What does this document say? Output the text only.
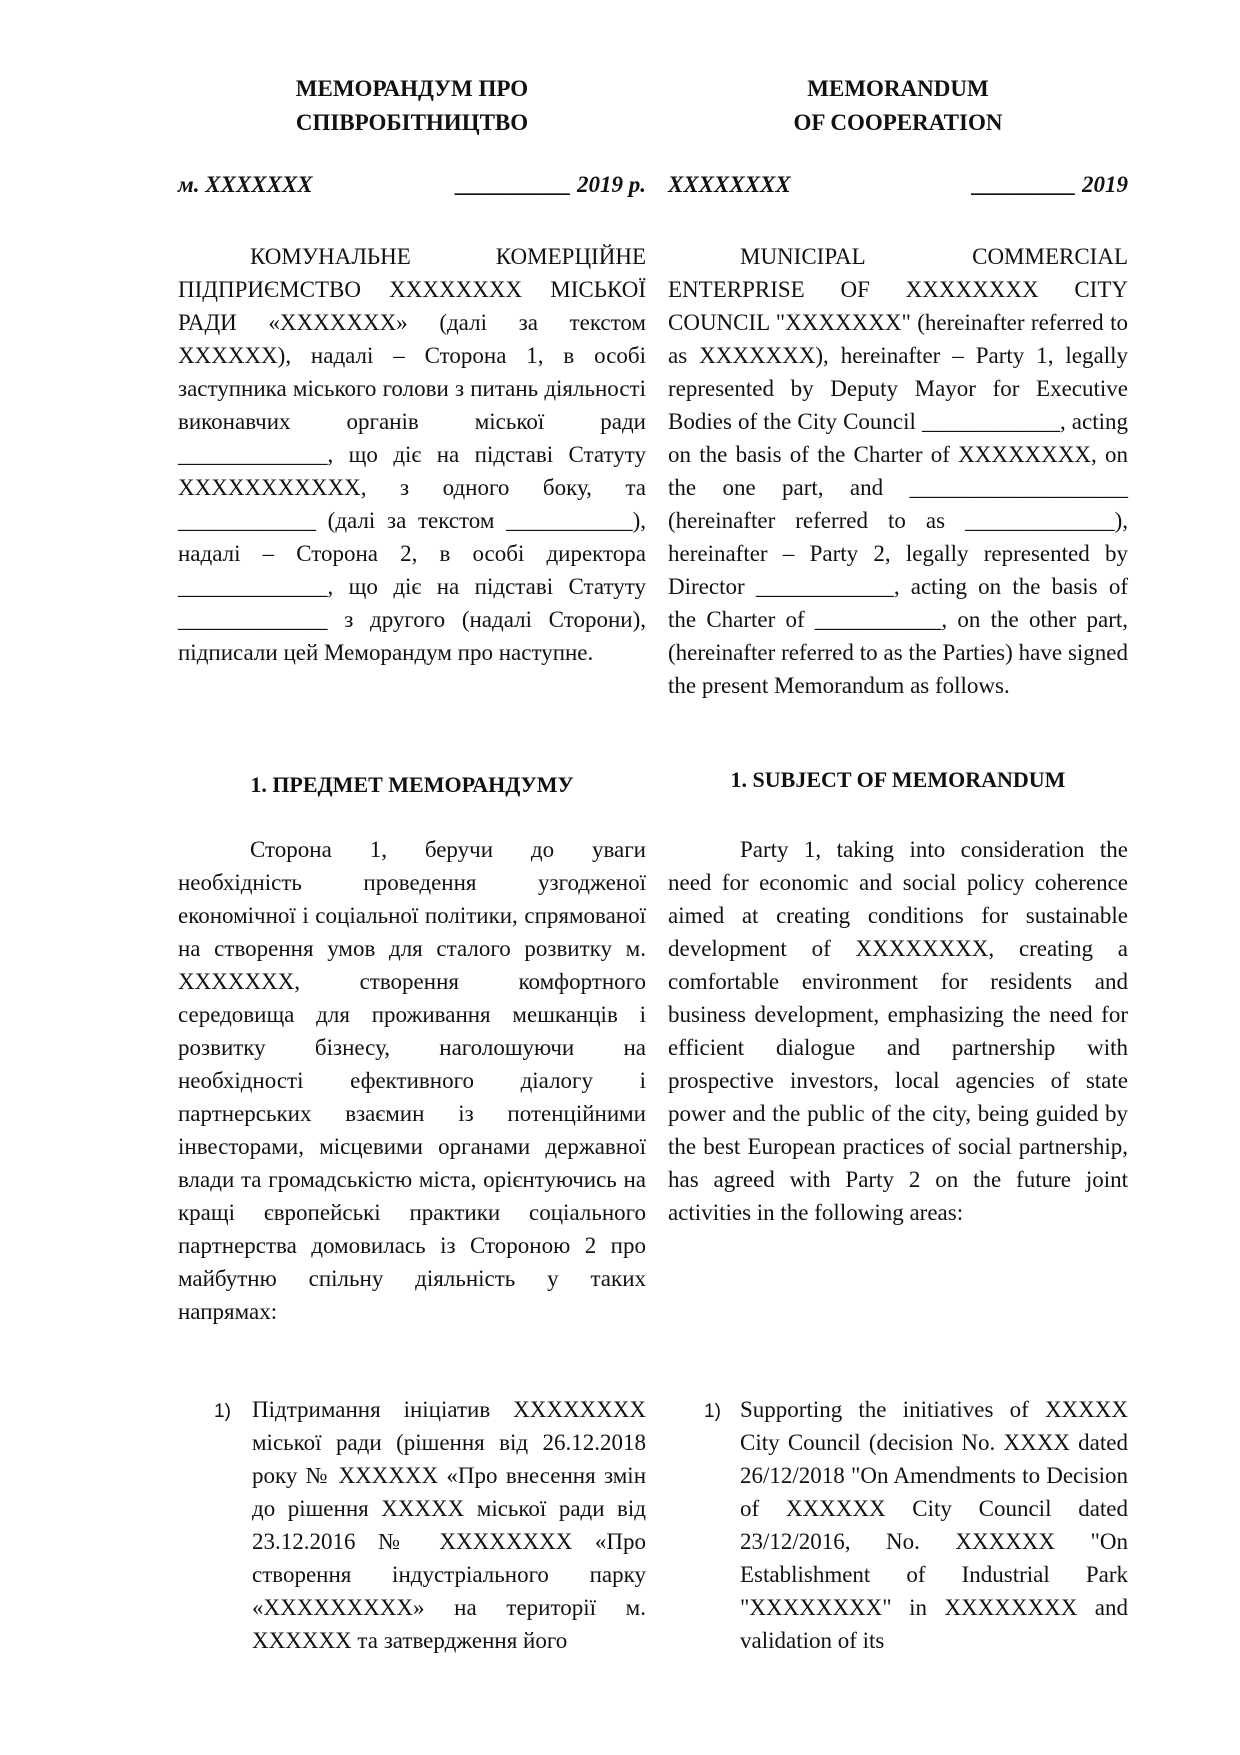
МЕМОРАНДУМ ПРО
СПІВРОБІТНИЦТВО
MEMORANDUM
OF COOPERATION
м. XXXXXXX	__________ 2019 р. XXXXXXXX	_________ 2019
КОМУНАЛЬНЕ КОМЕРЦІЙНЕ ПІДПРИЄМСТВО XXXXXXXX МІСЬКОЇ РАДИ «XXXXXXX» (далі за текстом XXXXXX), надалі – Сторона 1, в особі заступника міського голови з питань діяльності виконавчих органів міської ради _____________, що діє на підставі Статуту XXXXXXXXXXX, з одного боку, та ____________ (далі за текстом ___________), надалі – Сторона 2, в особі директора _____________, що діє на підставі Статуту _____________ з другого (надалі Сторони), підписали цей Меморандум про наступне.
MUNICIPAL COMMERCIAL ENTERPRISE OF XXXXXXXX CITY COUNCIL "XXXXXXX" (hereinafter referred to as XXXXXXX), hereinafter – Party 1, legally represented by Deputy Mayor for Executive Bodies of the City Council ____________, acting on the basis of the Charter of XXXXXXXX, on the one part, and ___________________ (hereinafter referred to as _____________), hereinafter – Party 2, legally represented by Director ____________, acting on the basis of the Charter of ___________, on the other part, (hereinafter referred to as the Parties) have signed the present Memorandum as follows.
1. ПРЕДМЕТ МЕМОРАНДУМУ	1. SUBJECT OF MEMORANDUM
Сторона 1, беручи до уваги необхідність проведення узгодженої економічної і соціальної політики, спрямованої на створення умов для сталого розвитку м. XXXXXXX, створення комфортного середовища для проживання мешканців і розвитку бізнесу, наголошуючи на необхідності ефективного діалогу і партнерських взаємин із потенційними інвесторами, місцевими органами державної влади та громадськістю міста, орієнтуючись на кращі європейські практики соціального партнерства домовилась із Стороною 2 про майбутню спільну діяльність у таких напрямах:
Party 1, taking into consideration the need for economic and social policy coherence aimed at creating conditions for sustainable development of XXXXXXXX, creating a comfortable environment for residents and business development, emphasizing the need for efficient dialogue and partnership with prospective investors, local agencies of state power and the public of the city, being guided by the best European practices of social partnership, has agreed with Party 2 on the future joint activities in the following areas:
1) Підтримання ініціатив XXXXXXXX міської ради (рішення від 26.12.2018 року № XXXXXX «Про внесення змін до рішення XXXXX міської ради від 23.12.2016 № XXXXXXXX «Про створення індустріального парку «XXXXXXXXX» на території м. XXXXXX та затвердження його
1) Supporting the initiatives of XXXXX City Council (decision No. XXXX dated 26/12/2018 "On Amendments to Decision of XXXXXX City Council dated 23/12/2016, No. XXXXXX "On Establishment of Industrial Park "XXXXXXXX" in XXXXXXXX and validation of its
